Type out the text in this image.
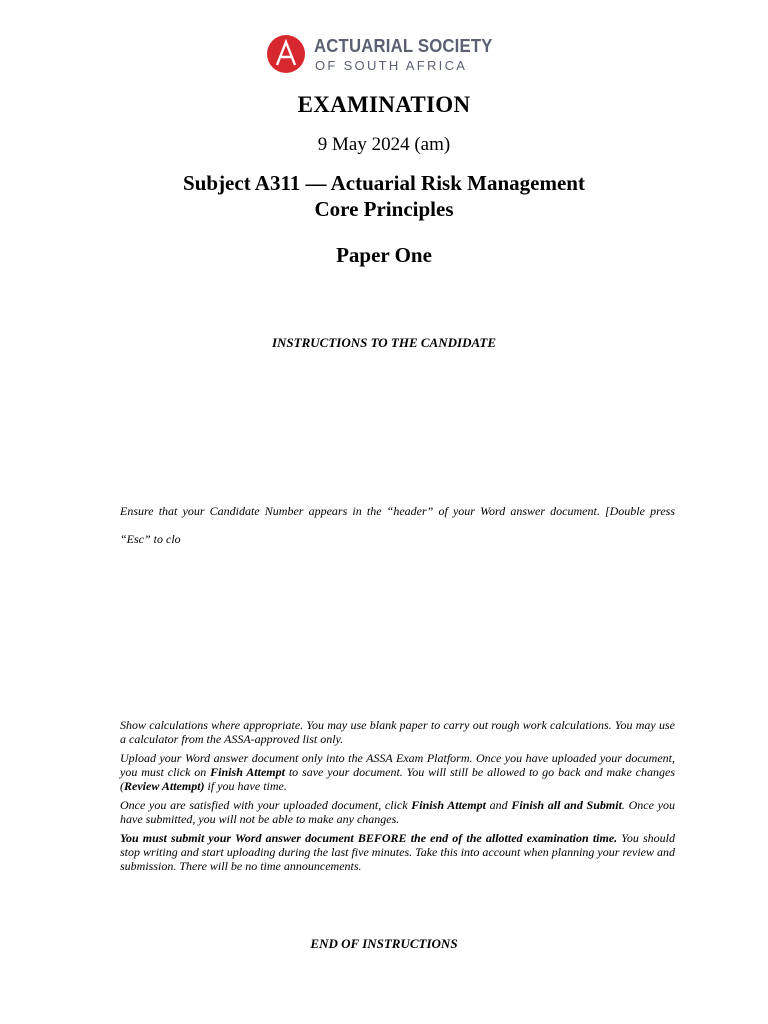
ACTUARIAL SOCIETY
OF SOUTH AFRICA
EXAMINATION
9 May 2024 (am)
Subject A311 — Actuarial Risk Management
Core Principles
Paper One
INSTRUCTIONS TO THE CANDIDATE
Ensure that your Candidate Number appears in the “header” of your Word answer document. [Double press “Esc” to clo

Show calculations where appropriate. You may use blank paper to carry out rough work calculations. You may use a calculator from the ASSA-approved list only.

Upload your Word answer document only into the ASSA Exam Platform. Once you have uploaded your document, you must click on Finish Attempt to save your document. You will still be allowed to go back and make changes (Review Attempt) if you have time.

Once you are satisfied with your uploaded document, click Finish Attempt and Finish all and Submit. Once you have submitted, you will not be able to make any changes.

You must submit your Word answer document BEFORE the end of the allotted examination time. You should stop writing and start uploading during the last five minutes. Take this into account when planning your review and submission. There will be no time announcements.

END OF INSTRUCTIONS
